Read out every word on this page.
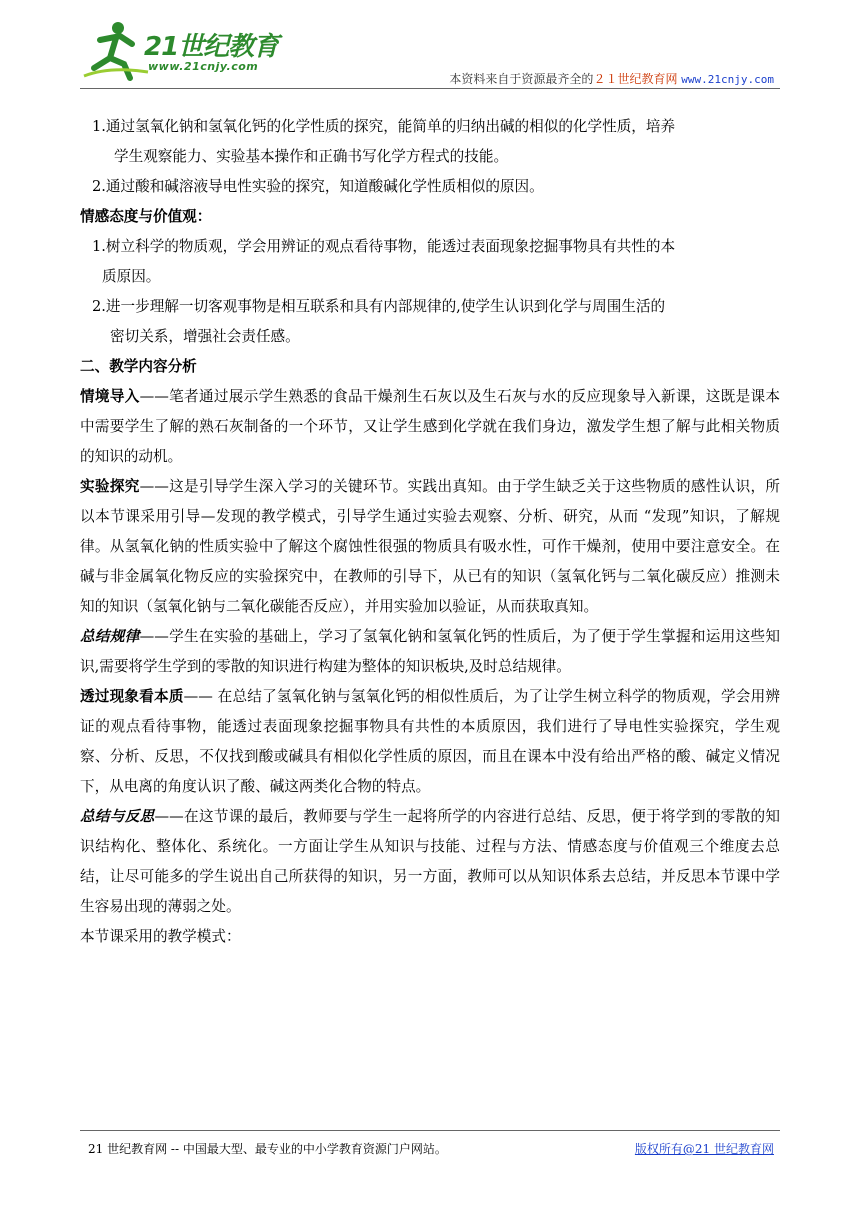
21世纪教育
www.21cnjy.com
本资料来自于资源最齐全的２１世纪教育网 www.21cnjy.com

1.通过氢氧化钠和氢氧化钙的化学性质的探究，能简单的归纳出碱的相似的化学性质，培养

学生观察能力、实验基本操作和正确书写化学方程式的技能。

2.通过酸和碱溶液导电性实验的探究，知道酸碱化学性质相似的原因。

情感态度与价值观：

1.树立科学的物质观，学会用辨证的观点看待事物，能透过表面现象挖掘事物具有共性的本

质原因。

2.进一步理解一切客观事物是相互联系和具有内部规律的,使学生认识到化学与周围生活的

密切关系，增强社会责任感。

二、教学内容分析

情境导入——笔者通过展示学生熟悉的食品干燥剂生石灰以及生石灰与水的反应现象导入新课，这既是课本中需要学生了解的熟石灰制备的一个环节，又让学生感到化学就在我们身边，激发学生想了解与此相关物质的知识的动机。

实验探究——这是引导学生深入学习的关键环节。实践出真知。由于学生缺乏关于这些物质的感性认识，所以本节课采用引导—发现的教学模式，引导学生通过实验去观察、分析、研究，从而 “发现”知识，了解规律。从氢氧化钠的性质实验中了解这个腐蚀性很强的物质具有吸水性，可作干燥剂，使用中要注意安全。在碱与非金属氧化物反应的实验探究中，在教师的引导下，从已有的知识（氢氧化钙与二氧化碳反应）推测未知的知识（氢氧化钠与二氧化碳能否反应），并用实验加以验证，从而获取真知。

总结规律——学生在实验的基础上，学习了氢氧化钠和氢氧化钙的性质后，为了便于学生掌握和运用这些知识,需要将学生学到的零散的知识进行构建为整体的知识板块,及时总结规律。

透过现象看本质—— 在总结了氢氧化钠与氢氧化钙的相似性质后，为了让学生树立科学的物质观，学会用辨证的观点看待事物，能透过表面现象挖掘事物具有共性的本质原因，我们进行了导电性实验探究，学生观察、分析、反思，不仅找到酸或碱具有相似化学性质的原因，而且在课本中没有给出严格的酸、碱定义情况下，从电离的角度认识了酸、碱这两类化合物的特点。

总结与反思——在这节课的最后，教师要与学生一起将所学的内容进行总结、反思，便于将学到的零散的知识结构化、整体化、系统化。一方面让学生从知识与技能、过程与方法、情感态度与价值观三个维度去总结，让尽可能多的学生说出自己所获得的知识，另一方面，教师可以从知识体系去总结，并反思本节课中学生容易出现的薄弱之处。

本节课采用的教学模式：

21 世纪教育网 -- 中国最大型、最专业的中小学教育资源门户网站。	版权所有@21 世纪教育网
